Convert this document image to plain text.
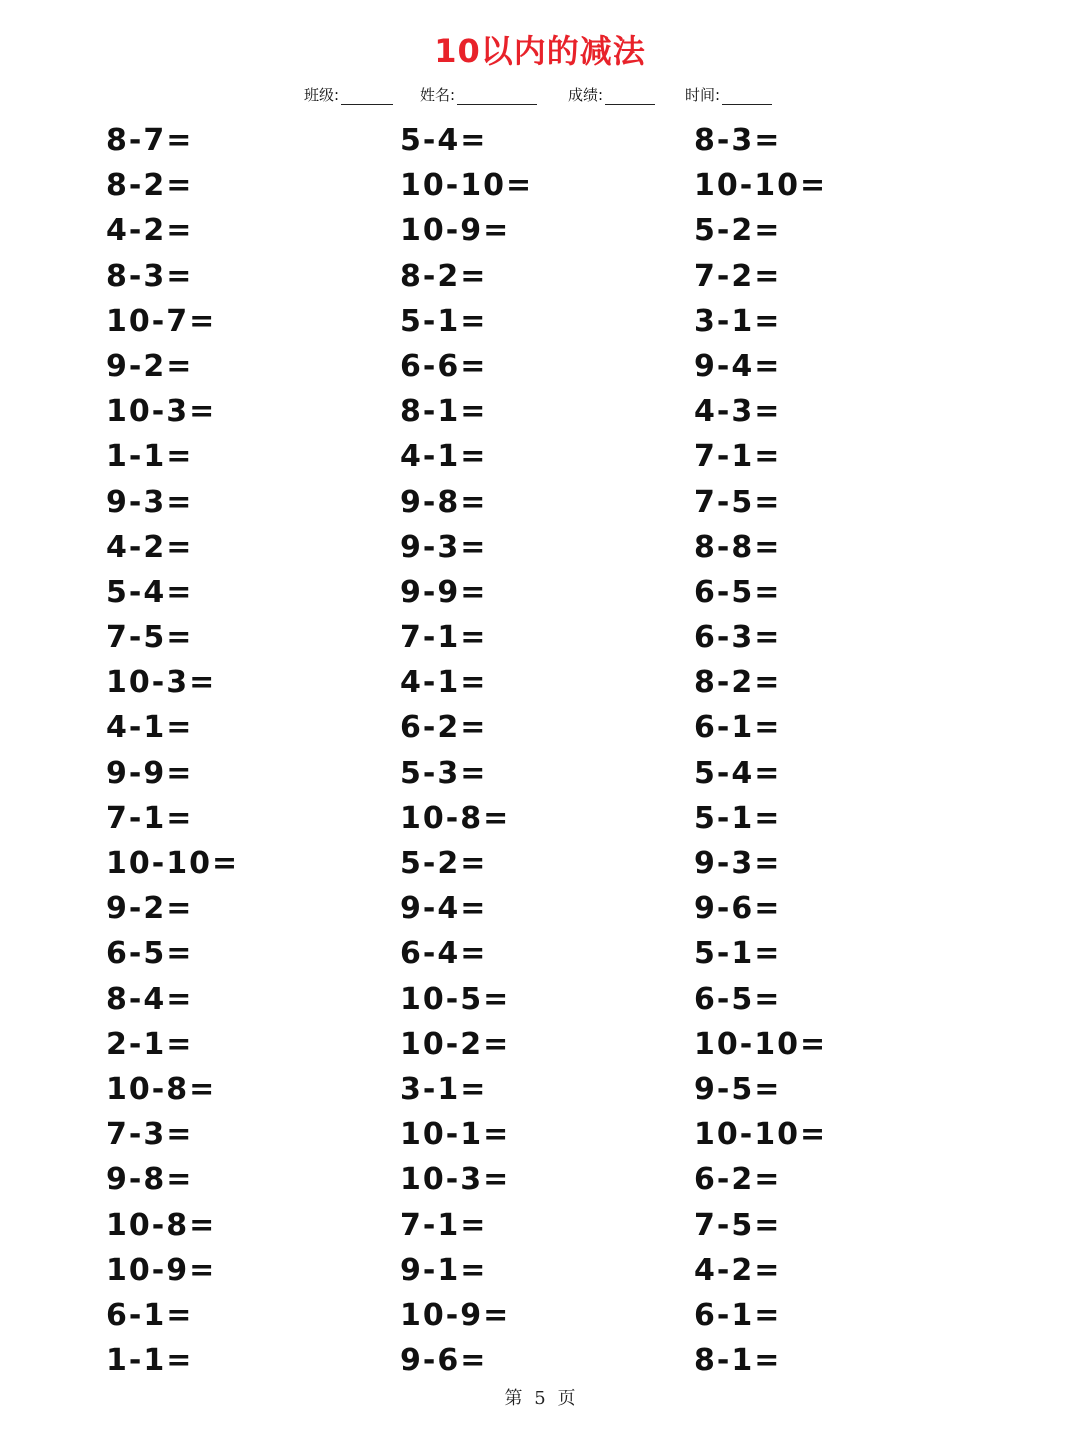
10以内的减法
班级:	姓名:	成绩:	时间:
8-7=
8-2=
4-2=
8-3=
10-7=
9-2=
10-3=
1-1=
9-3=
4-2=
5-4=
7-5=
10-3=
4-1=
9-9=
7-1=
10-10=
9-2=
6-5=
8-4=
2-1=
10-8=
7-3=
9-8=
10-8=
10-9=
6-1=
1-1=
5-4=
10-10=
10-9=
8-2=
5-1=
6-6=
8-1=
4-1=
9-8=
9-3=
9-9=
7-1=
4-1=
6-2=
5-3=
10-8=
5-2=
9-4=
6-4=
10-5=
10-2=
3-1=
10-1=
10-3=
7-1=
9-1=
10-9=
9-6=
8-3=
10-10=
5-2=
7-2=
3-1=
9-4=
4-3=
7-1=
7-5=
8-8=
6-5=
6-3=
8-2=
6-1=
5-4=
5-1=
9-3=
9-6=
5-1=
6-5=
10-10=
9-5=
10-10=
6-2=
7-5=
4-2=
6-1=
8-1=
第 5 页
